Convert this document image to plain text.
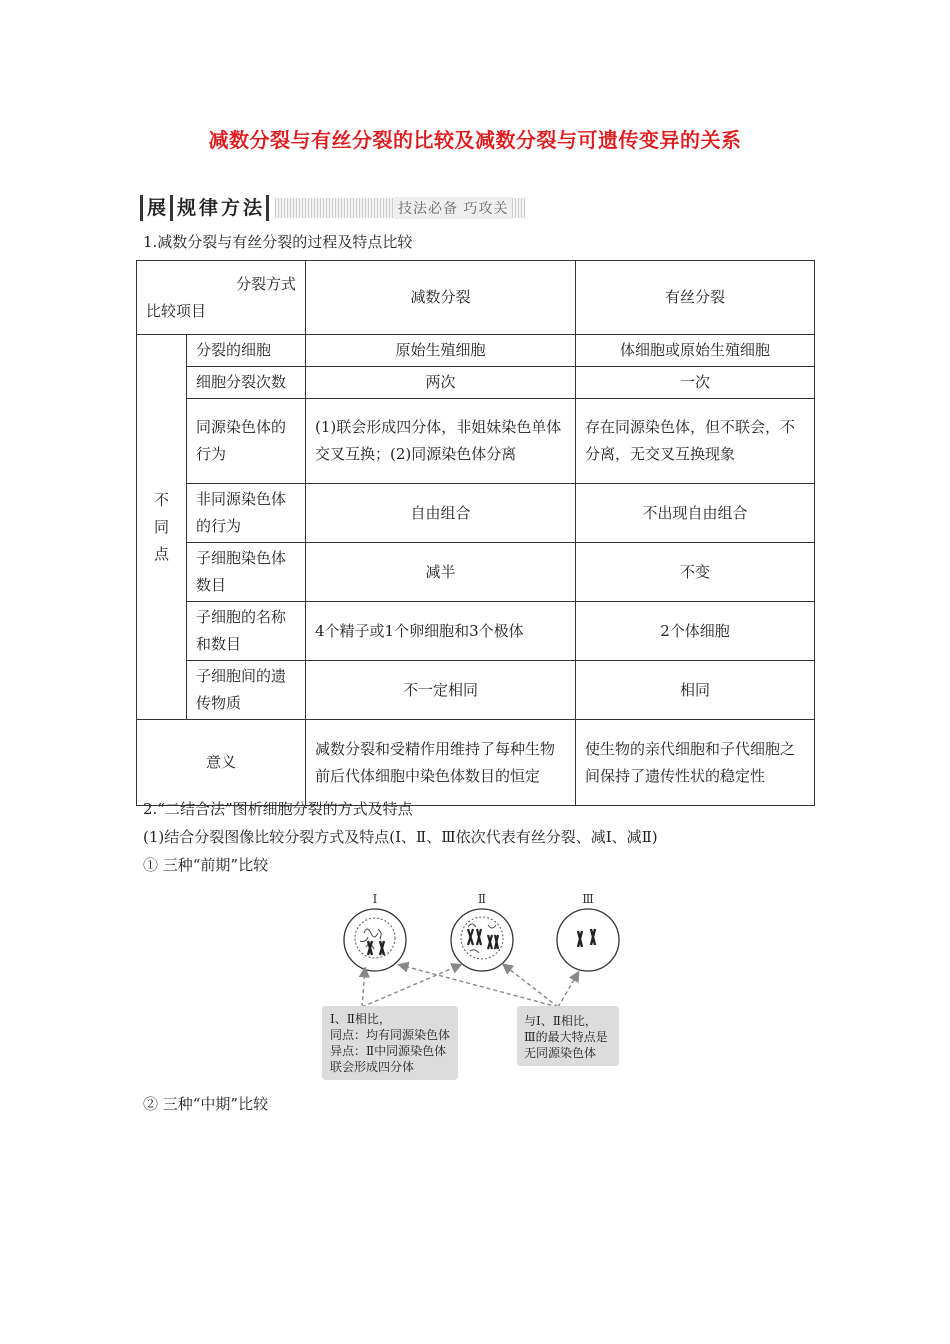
减数分裂与有丝分裂的比较及减数分裂与可遗传变异的关系
展 规 律 方 法	技法必备 巧攻关
1.减数分裂与有丝分裂的过程及特点比较
分裂方式
比较项目		减数分裂	有丝分裂

不
同
点	分裂的细胞	原始生殖细胞	体细胞或原始生殖细胞
	细胞分裂次数	两次	一次
	同源染色体的行为	(1)联会形成四分体，非姐妹染色单体交叉互换；(2)同源染色体分离	存在同源染色体，但不联会，不分离，无交叉互换现象
	非同源染色体的行为	自由组合	不出现自由组合
	子细胞染色体数目	减半	不变
	子细胞的名称和数目	4个精子或1个卵细胞和3个极体	2个体细胞
	子细胞间的遗传物质	不一定相同	相同
意义		减数分裂和受精作用维持了每种生物前后代体细胞中染色体数目的恒定	使生物的亲代细胞和子代细胞之间保持了遗传性状的稳定性
2.“二结合法”图析细胞分裂的方式及特点
(1)结合分裂图像比较分裂方式及特点(Ⅰ、Ⅱ、Ⅲ依次代表有丝分裂、减Ⅰ、减Ⅱ)
① 三种“前期”比较
Ⅰ	Ⅱ	Ⅲ
Ⅰ、Ⅱ相比，
同点：均有同源染色体
异点：Ⅱ中同源染色体
联会形成四分体
与Ⅰ、Ⅱ相比，
Ⅲ的最大特点是
无同源染色体
② 三种“中期”比较
